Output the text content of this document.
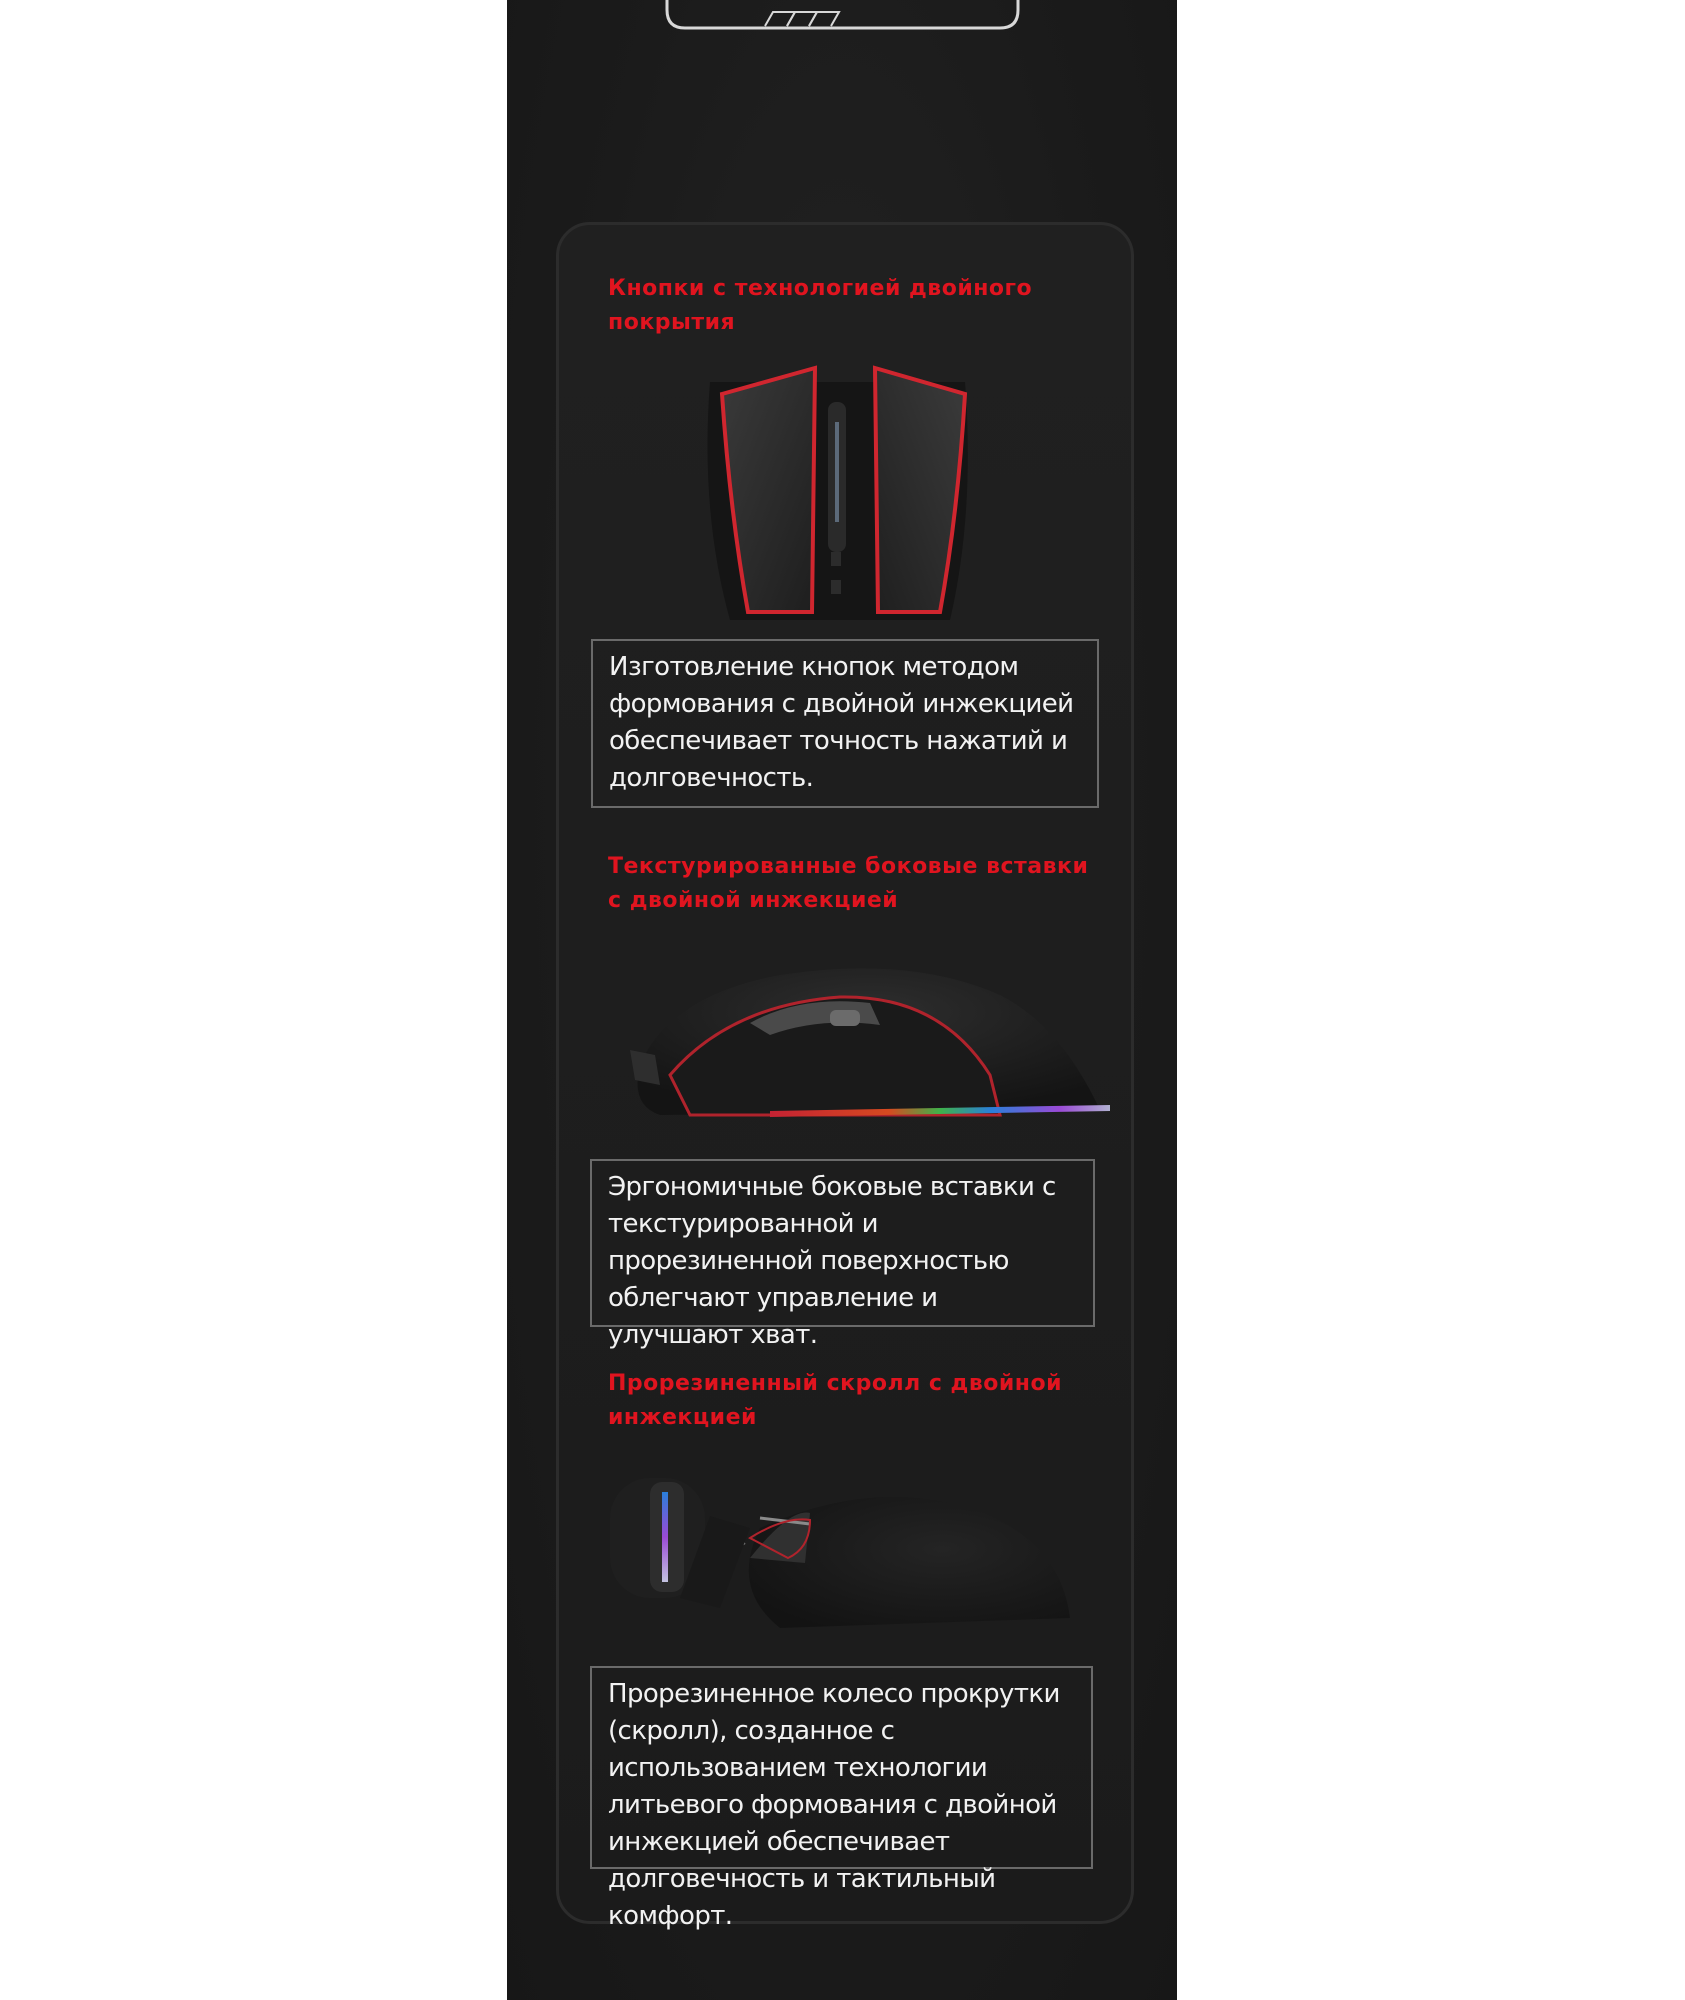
Кнопки с технологией двойного покрытия
Изготовление кнопок методом формования с двойной инжекцией обеспечивает точность нажатий и долговечность.
Текстурированные боковые вставки с двойной инжекцией
Эргономичные боковые вставки с текстурированной и прорезиненной поверхностью облегчают управление и улучшают хват.
Прорезиненный скролл с двойной инжекцией
Прорезиненное колесо прокрутки (скролл), созданное с использованием технологии литьевого формования с двойной инжекцией обеспечивает долговечность и тактильный комфорт.
